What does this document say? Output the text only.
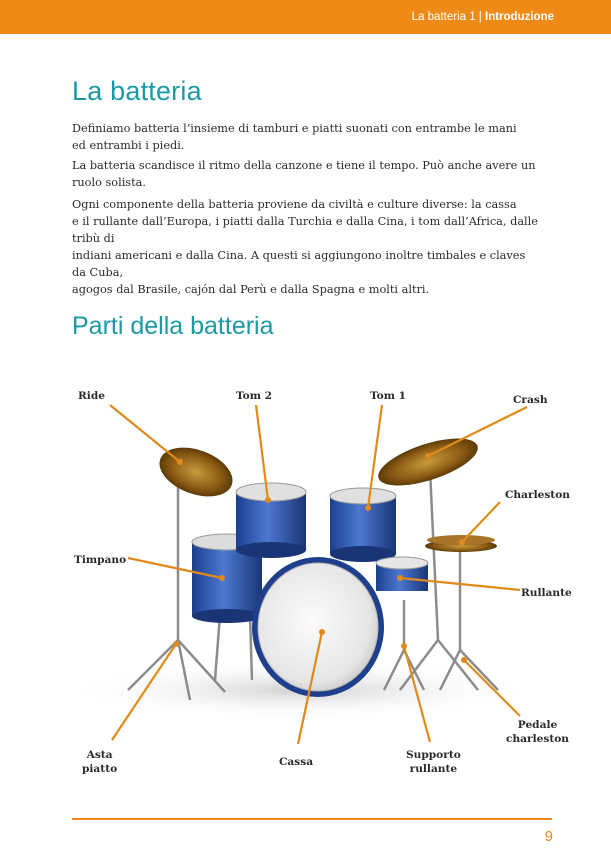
La batteria 1 | Introduzione
La batteria
Definiamo batteria l’insieme di tamburi e piatti suonati con entrambe le mani
ed entrambi i piedi.
La batteria scandisce il ritmo della canzone e tiene il tempo. Può anche avere un
ruolo solista.
Ogni componente della batteria proviene da civiltà e culture diverse: la cassa
e il rullante dall’Europa, i piatti dalla Turchia e dalla Cina, i tom dall’Africa, dalle tribù di
indiani americani e dalla Cina. A questi si aggiungono inoltre timbales e claves da Cuba,
agogos dal Brasile, cajón dal Perù e dalla Spagna e molti altri.
Parti della batteria
Ride	Tom 2	Tom 1	Crash
Charleston
Timpano
Rullante
Pedale
charleston
Asta
piatto
Cassa
Supporto
rullante
9
